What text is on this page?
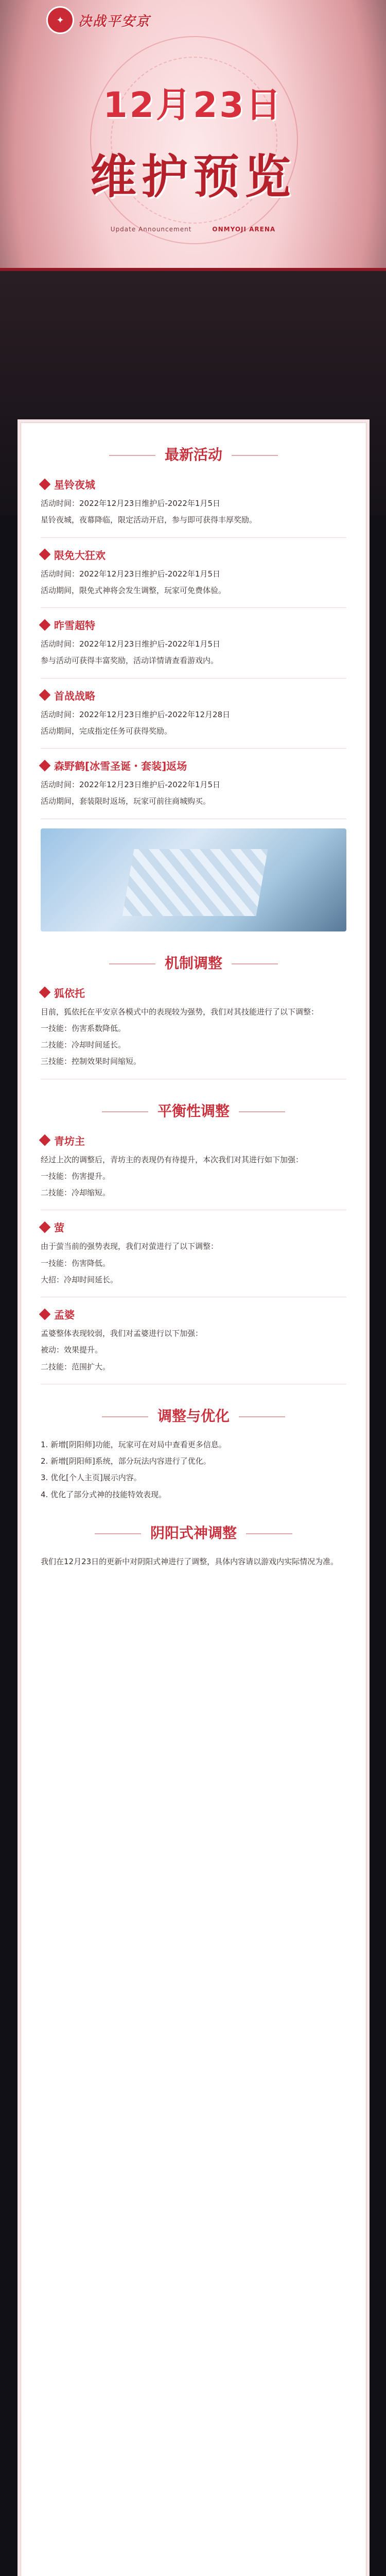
✦	决战平安京
12月23日
维护预览
Update Announcement	ONMYOJI ARENA
最新活动
星铃夜城

活动时间：2022年12月23日维护后-2022年1月5日

星铃夜城，夜幕降临，限定活动开启，参与即可获得丰厚奖励。

限免大狂欢

活动时间：2022年12月23日维护后-2022年1月5日

活动期间，限免式神将会发生调整，玩家可免费体验。

昨雪超特

活动时间：2022年12月23日维护后-2022年1月5日

参与活动可获得丰富奖励，活动详情请查看游戏内。

首战战略

活动时间：2022年12月23日维护后-2022年12月28日

活动期间，完成指定任务可获得奖励。

森野鹤[冰雪圣诞・套装]返场

活动时间：2022年12月23日维护后-2022年1月5日

活动期间，套装限时返场，玩家可前往商城购买。

机制调整
狐依托

目前，狐依托在平安京各模式中的表现较为强势，我们对其技能进行了以下调整：

一技能：伤害系数降低。

二技能：冷却时间延长。

三技能：控制效果时间缩短。

平衡性调整
青坊主

经过上次的调整后，青坊主的表现仍有待提升，本次我们对其进行如下加强：

一技能：伤害提升。

二技能：冷却缩短。

萤

由于萤当前的强势表现，我们对萤进行了以下调整：

一技能：伤害降低。

大招：冷却时间延长。

孟婆

孟婆整体表现较弱，我们对孟婆进行以下加强：

被动：效果提升。

二技能：范围扩大。

调整与优化

1. 新增[阴阳师]功能，玩家可在对局中查看更多信息。

2. 新增[阴阳师]系统，部分玩法内容进行了优化。

3. 优化[个人主页]展示内容。

4. 优化了部分式神的技能特效表现。

阴阳式神调整
我们在12月23日的更新中对阴阳式神进行了调整，具体内容请以游戏内实际情况为准。
